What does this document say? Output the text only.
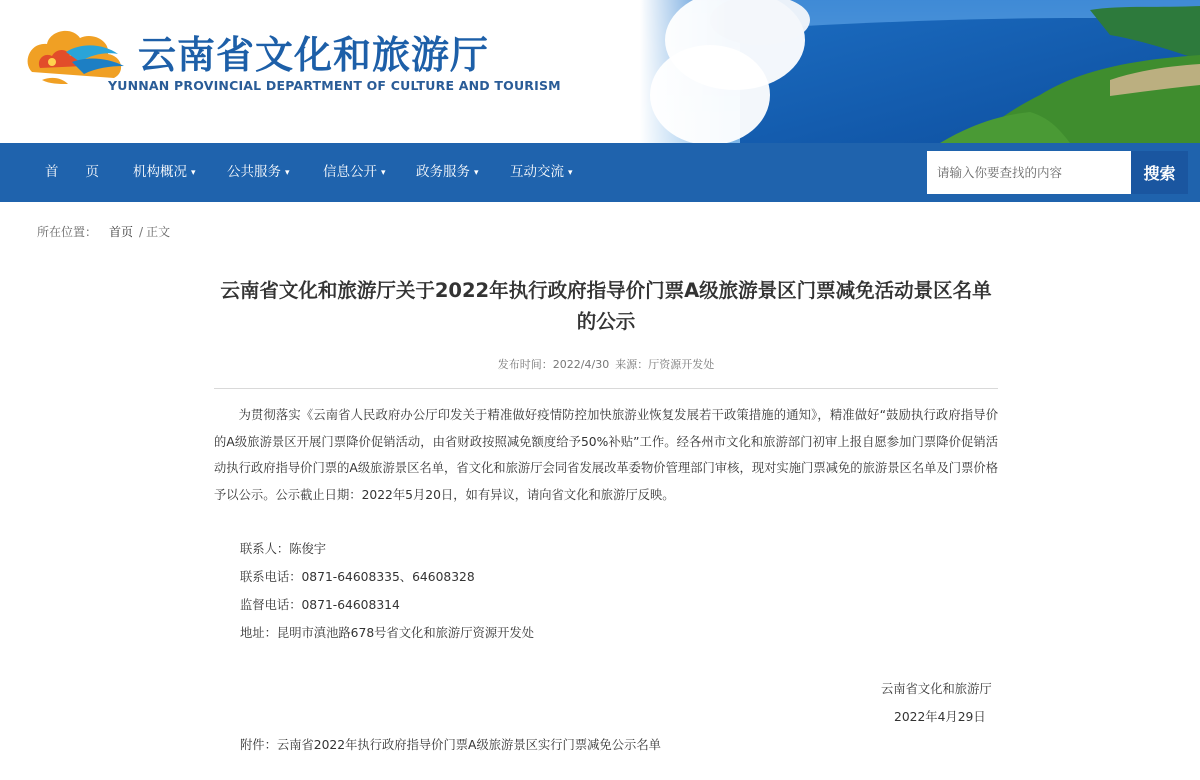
云南省文化和旅游厅
YUNNAN PROVINCIAL DEPARTMENT OF CULTURE AND TOURISM
首　　页	机构概况 ▾ 公共服务 ▾ 信息公开 ▾ 政务服务 ▾ 互动交流 ▾
请输入你要查找的内容	搜索
所在位置： 首页 / 正文
云南省文化和旅游厅关于2022年执行政府指导价门票A级旅游景区门票减免活动景区名单的公示
发布时间：2022/4/30 来源：厅资源开发处

为贯彻落实《云南省人民政府办公厅印发关于精准做好疫情防控加快旅游业恢复发展若干政策措施的通知》，精准做好“鼓励执行政府指导价的A级旅游景区开展门票降价促销活动，由省财政按照减免额度给予50%补贴”工作。经各州市文化和旅游部门初审上报自愿参加门票降价促销活动执行政府指导价门票的A级旅游景区名单，省文化和旅游厅会同省发展改革委物价管理部门审核，现对实施门票减免的旅游景区名单及门票价格予以公示。公示截止日期：2022年5月20日，如有异议，请向省文化和旅游厅反映。

联系人：陈俊宇
联系电话：0871-64608335、64608328
监督电话：0871-64608314
地址：昆明市滇池路678号省文化和旅游厅资源开发处
云南省文化和旅游厅
2022年4月29日
附件：云南省2022年执行政府指导价门票A级旅游景区实行门票减免公示名单
